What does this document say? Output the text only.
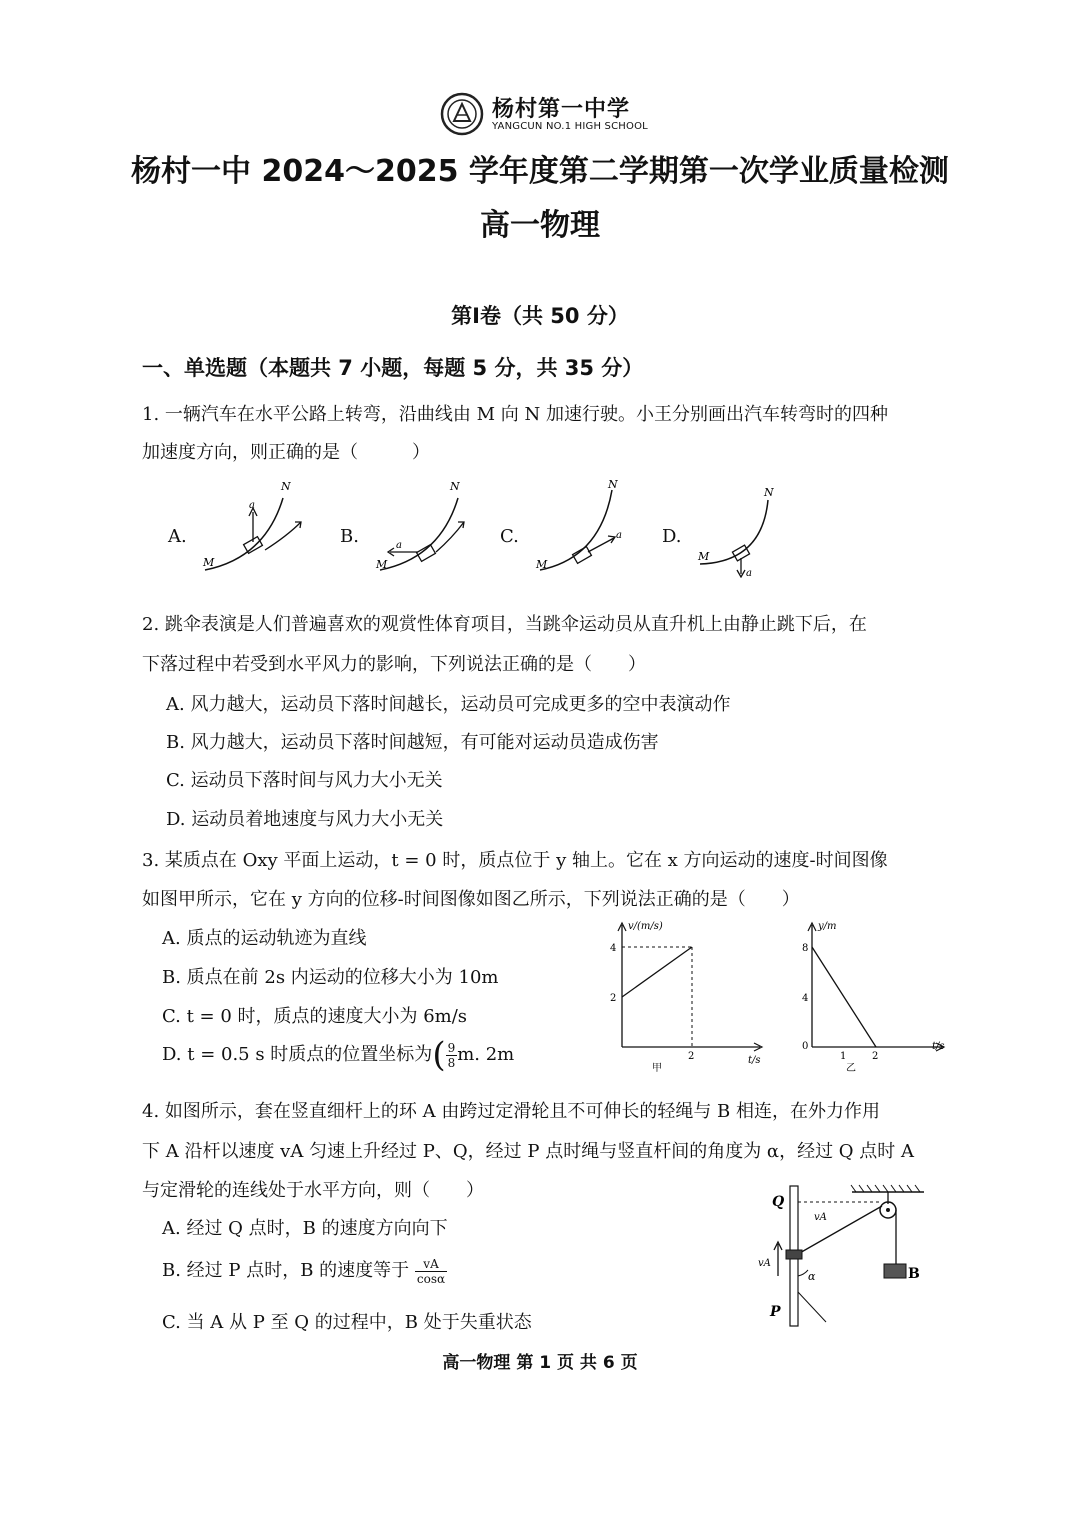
杨村第一中学
YANGCUN NO.1 HIGH SCHOOL
杨村一中 2024～2025 学年度第二学期第一次学业质量检测
高一物理
第Ⅰ卷（共 50 分）
一、单选题（本题共 7 小题，每题 5 分，共 35 分）
1. 一辆汽车在水平公路上转弯，沿曲线由 M 向 N 加速行驶。小王分别画出汽车转弯时的四种
加速度方向，则正确的是（　　　）
A.	B.	C.	D.
M
N
a
M
N
a
M
N
a
M
N
a
2. 跳伞表演是人们普遍喜欢的观赏性体育项目，当跳伞运动员从直升机上由静止跳下后，在
下落过程中若受到水平风力的影响，下列说法正确的是（　　）
A. 风力越大，运动员下落时间越长，运动员可完成更多的空中表演动作
B. 风力越大，运动员下落时间越短，有可能对运动员造成伤害
C. 运动员下落时间与风力大小无关
D. 运动员着地速度与风力大小无关
3. 某质点在 Oxy 平面上运动，t = 0 时，质点位于 y 轴上。它在 x 方向运动的速度-时间图像
如图甲所示，它在 y 方向的位移-时间图像如图乙所示，下列说法正确的是（　　）
A. 质点的运动轨迹为直线
B. 质点在前 2s 内运动的位移大小为 10m
C. t = 0 时，质点的速度大小为 6m/s
D. t = 0.5 s 时质点的位置坐标为( $\frac{9}{8} m$. 2m
v/(m/s)
t/s
4
2
2
甲
y/m
t/s
8
4
0
1	2
乙
4. 如图所示，套在竖直细杆上的环 A 由跨过定滑轮且不可伸长的轻绳与 B 相连，在外力作用
下 A 沿杆以速度 vA 匀速上升经过 P、Q，经过 P 点时绳与竖直杆间的角度为 α，经过 Q 点时 A
与定滑轮的连线处于水平方向，则（　　）
A. 经过 Q 点时，B 的速度方向向下
B. 经过 P 点时，B 的速度等于 $\frac{vA}{\cos\alpha}$
C. 当 A 从 P 至 Q 的过程中，B 处于失重状态
Q
P
B
vA
vA
α
高一物理 第 1 页 共 6 页
